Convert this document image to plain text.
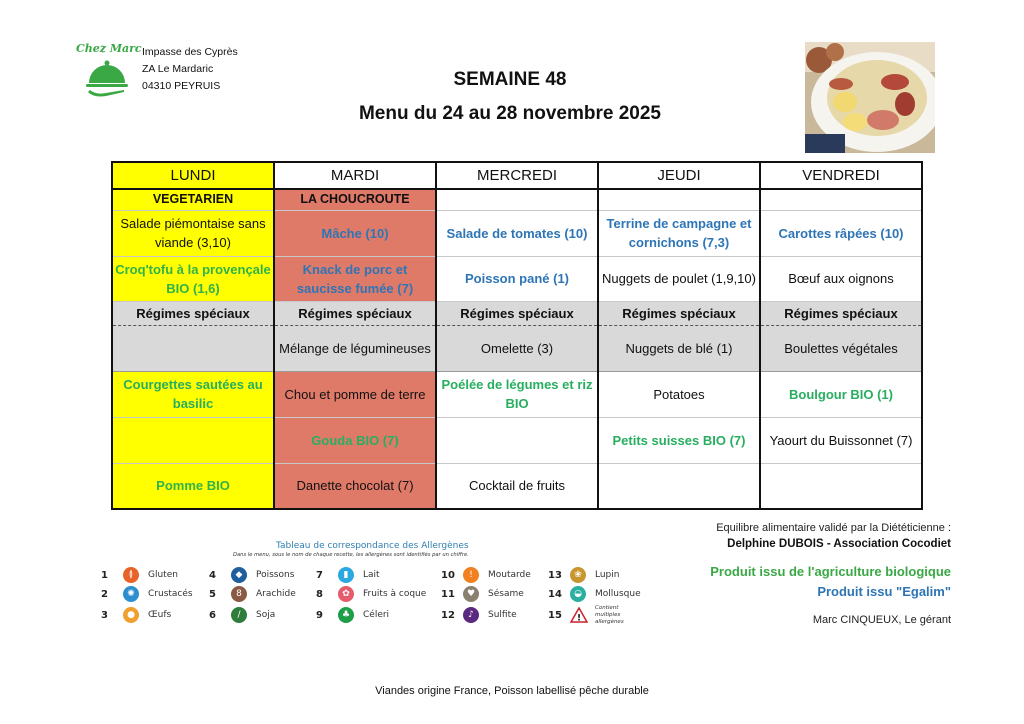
Chez Marc Impasse des Cyprès
ZA Le Mardaric
04310 PEYRUIS	SEMAINE 48
Menu du 24 au 28 novembre 2025
LUNDI	MARDI	MERCREDI	JEUDI	VENDREDI
VEGETARIEN	LA CHOUCROUTE			
Salade piémontaise sans viande (3,10)	Mâche (10)	Salade de tomates (10)	Terrine de campagne et cornichons (7,3)	Carottes râpées (10)
Croq'tofu à la provençale BIO (1,6)	Knack de porc et saucisse fumée (7)	Poisson pané (1)	Nuggets de poulet (1,9,10)	Bœuf aux oignons
Régimes spéciaux	Régimes spéciaux	Régimes spéciaux	Régimes spéciaux	Régimes spéciaux
	Mélange de légumineuses	Omelette (3)	Nuggets de blé (1)	Boulettes végétales
Courgettes sautées au basilic	Chou et pomme de terre	Poélée de légumes et riz BIO	Potatoes	Boulgour BIO (1)
	Gouda BIO (7)		Petits suisses BIO (7)	Yaourt du Buissonnet (7)
Pomme BIO	Danette chocolat (7)	Cocktail de fruits		
Tableau de correspondance des Allergènes
Dans le menu, sous le nom de chaque recette, les allergènes sont identifiés par un chiffre.
1	≬	Gluten
2	✺	Crustacés
3	●	Œufs
4	◆	Poissons
5	8	Arachide
6	/	Soja
7	▮	Lait
8	✿	Fruits à coque
9	♣	Céleri
10	!	Moutarde
11	♥	Sésame
12	♪	Sulfite
13	❀	Lupin
14	◒	Mollusque
15	!
Contient multiples allergènes
Equilibre alimentaire validé par la Diététicienne :
Delphine DUBOIS - Association Cocodiet
Produit issu de l'agriculture biologique
Produit issu "Egalim"
Marc CINQUEUX, Le gérant
Viandes origine France, Poisson labellisé pêche durable
